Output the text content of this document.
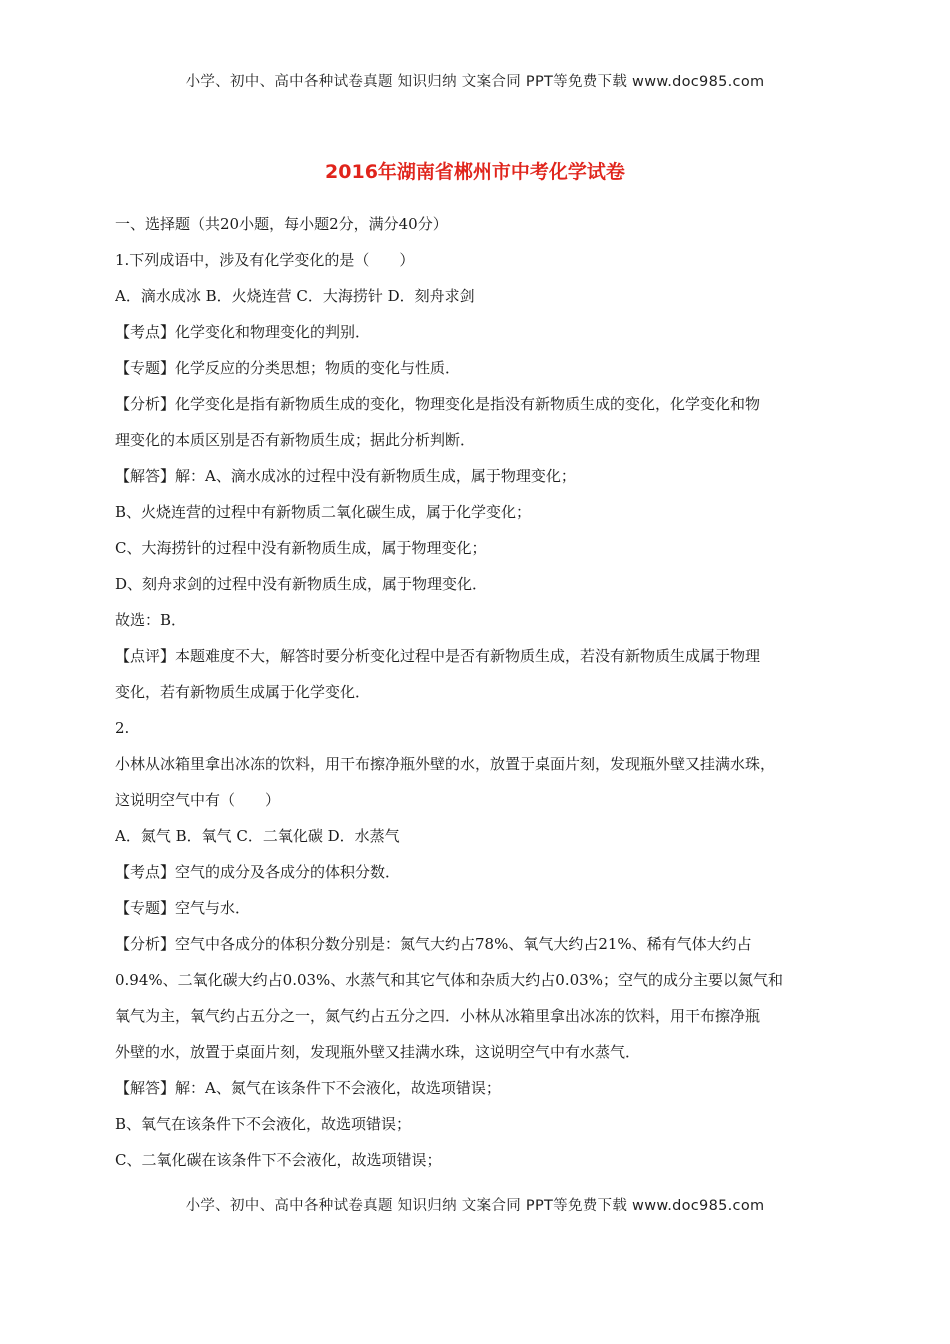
小学、初中、高中各种试卷真题 知识归纳 文案合同 PPT等免费下载 www.doc985.com
2016年湖南省郴州市中考化学试卷
一、选择题（共20小题，每小题2分，满分40分）
1.下列成语中，涉及有化学变化的是（　　）
A．滴水成冰 B．火烧连营 C．大海捞针 D．刻舟求剑
【考点】化学变化和物理变化的判别．
【专题】化学反应的分类思想；物质的变化与性质．
【分析】化学变化是指有新物质生成的变化，物理变化是指没有新物质生成的变化，化学变化和物
理变化的本质区别是否有新物质生成；据此分析判断．
【解答】解：A、滴水成冰的过程中没有新物质生成，属于物理变化；
B、火烧连营的过程中有新物质二氧化碳生成，属于化学变化；
C、大海捞针的过程中没有新物质生成，属于物理变化；
D、刻舟求剑的过程中没有新物质生成，属于物理变化．
故选：B．
【点评】本题难度不大，解答时要分析变化过程中是否有新物质生成，若没有新物质生成属于物理
变化，若有新物质生成属于化学变化．
2.
小林从冰箱里拿出冰冻的饮料，用干布擦净瓶外壁的水，放置于桌面片刻，发现瓶外壁又挂满水珠，
这说明空气中有（　　）
A．氮气 B．氧气 C．二氧化碳 D．水蒸气
【考点】空气的成分及各成分的体积分数．
【专题】空气与水．
【分析】空气中各成分的体积分数分别是：氮气大约占78%、氧气大约占21%、稀有气体大约占
0.94%、二氧化碳大约占0.03%、水蒸气和其它气体和杂质大约占0.03%；空气的成分主要以氮气和
氧气为主，氧气约占五分之一，氮气约占五分之四．小林从冰箱里拿出冰冻的饮料，用干布擦净瓶
外壁的水，放置于桌面片刻，发现瓶外壁又挂满水珠，这说明空气中有水蒸气．
【解答】解：A、氮气在该条件下不会液化，故选项错误；
B、氧气在该条件下不会液化，故选项错误；
C、二氧化碳在该条件下不会液化，故选项错误；
小学、初中、高中各种试卷真题 知识归纳 文案合同 PPT等免费下载 www.doc985.com
